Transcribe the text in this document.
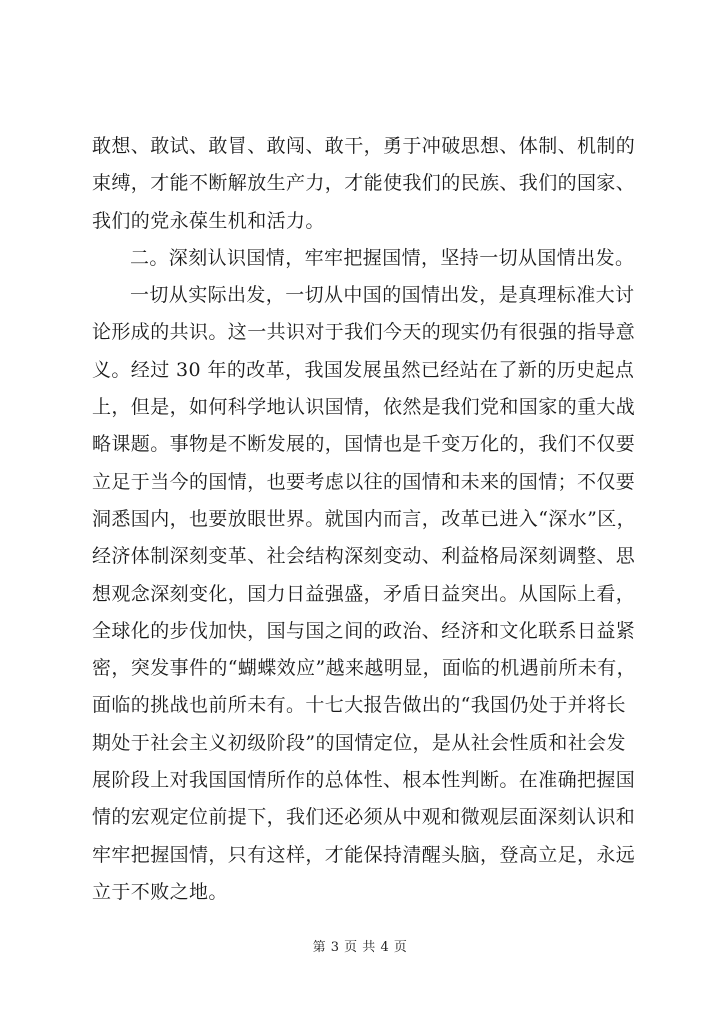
敢想、敢试、敢冒、敢闯、敢干，勇于冲破思想、体制、机制的
束缚，才能不断解放生产力，才能使我们的民族、我们的国家、
我们的党永葆生机和活力。
二。深刻认识国情，牢牢把握国情，坚持一切从国情出发。
一切从实际出发，一切从中国的国情出发，是真理标准大讨
论形成的共识。这一共识对于我们今天的现实仍有很强的指导意
义。经过 30 年的改革，我国发展虽然已经站在了新的历史起点
上，但是，如何科学地认识国情，依然是我们党和国家的重大战
略课题。事物是不断发展的，国情也是千变万化的，我们不仅要
立足于当今的国情，也要考虑以往的国情和未来的国情；不仅要
洞悉国内，也要放眼世界。就国内而言，改革已进入“深水”区，
经济体制深刻变革、社会结构深刻变动、利益格局深刻调整、思
想观念深刻变化，国力日益强盛，矛盾日益突出。从国际上看，
全球化的步伐加快，国与国之间的政治、经济和文化联系日益紧
密，突发事件的“蝴蝶效应”越来越明显，面临的机遇前所未有，
面临的挑战也前所未有。十七大报告做出的“我国仍处于并将长
期处于社会主义初级阶段”的国情定位，是从社会性质和社会发
展阶段上对我国国情所作的总体性、根本性判断。在准确把握国
情的宏观定位前提下，我们还必须从中观和微观层面深刻认识和
牢牢把握国情，只有这样，才能保持清醒头脑，登高立足，永远
立于不败之地。
第 3 页 共 4 页
